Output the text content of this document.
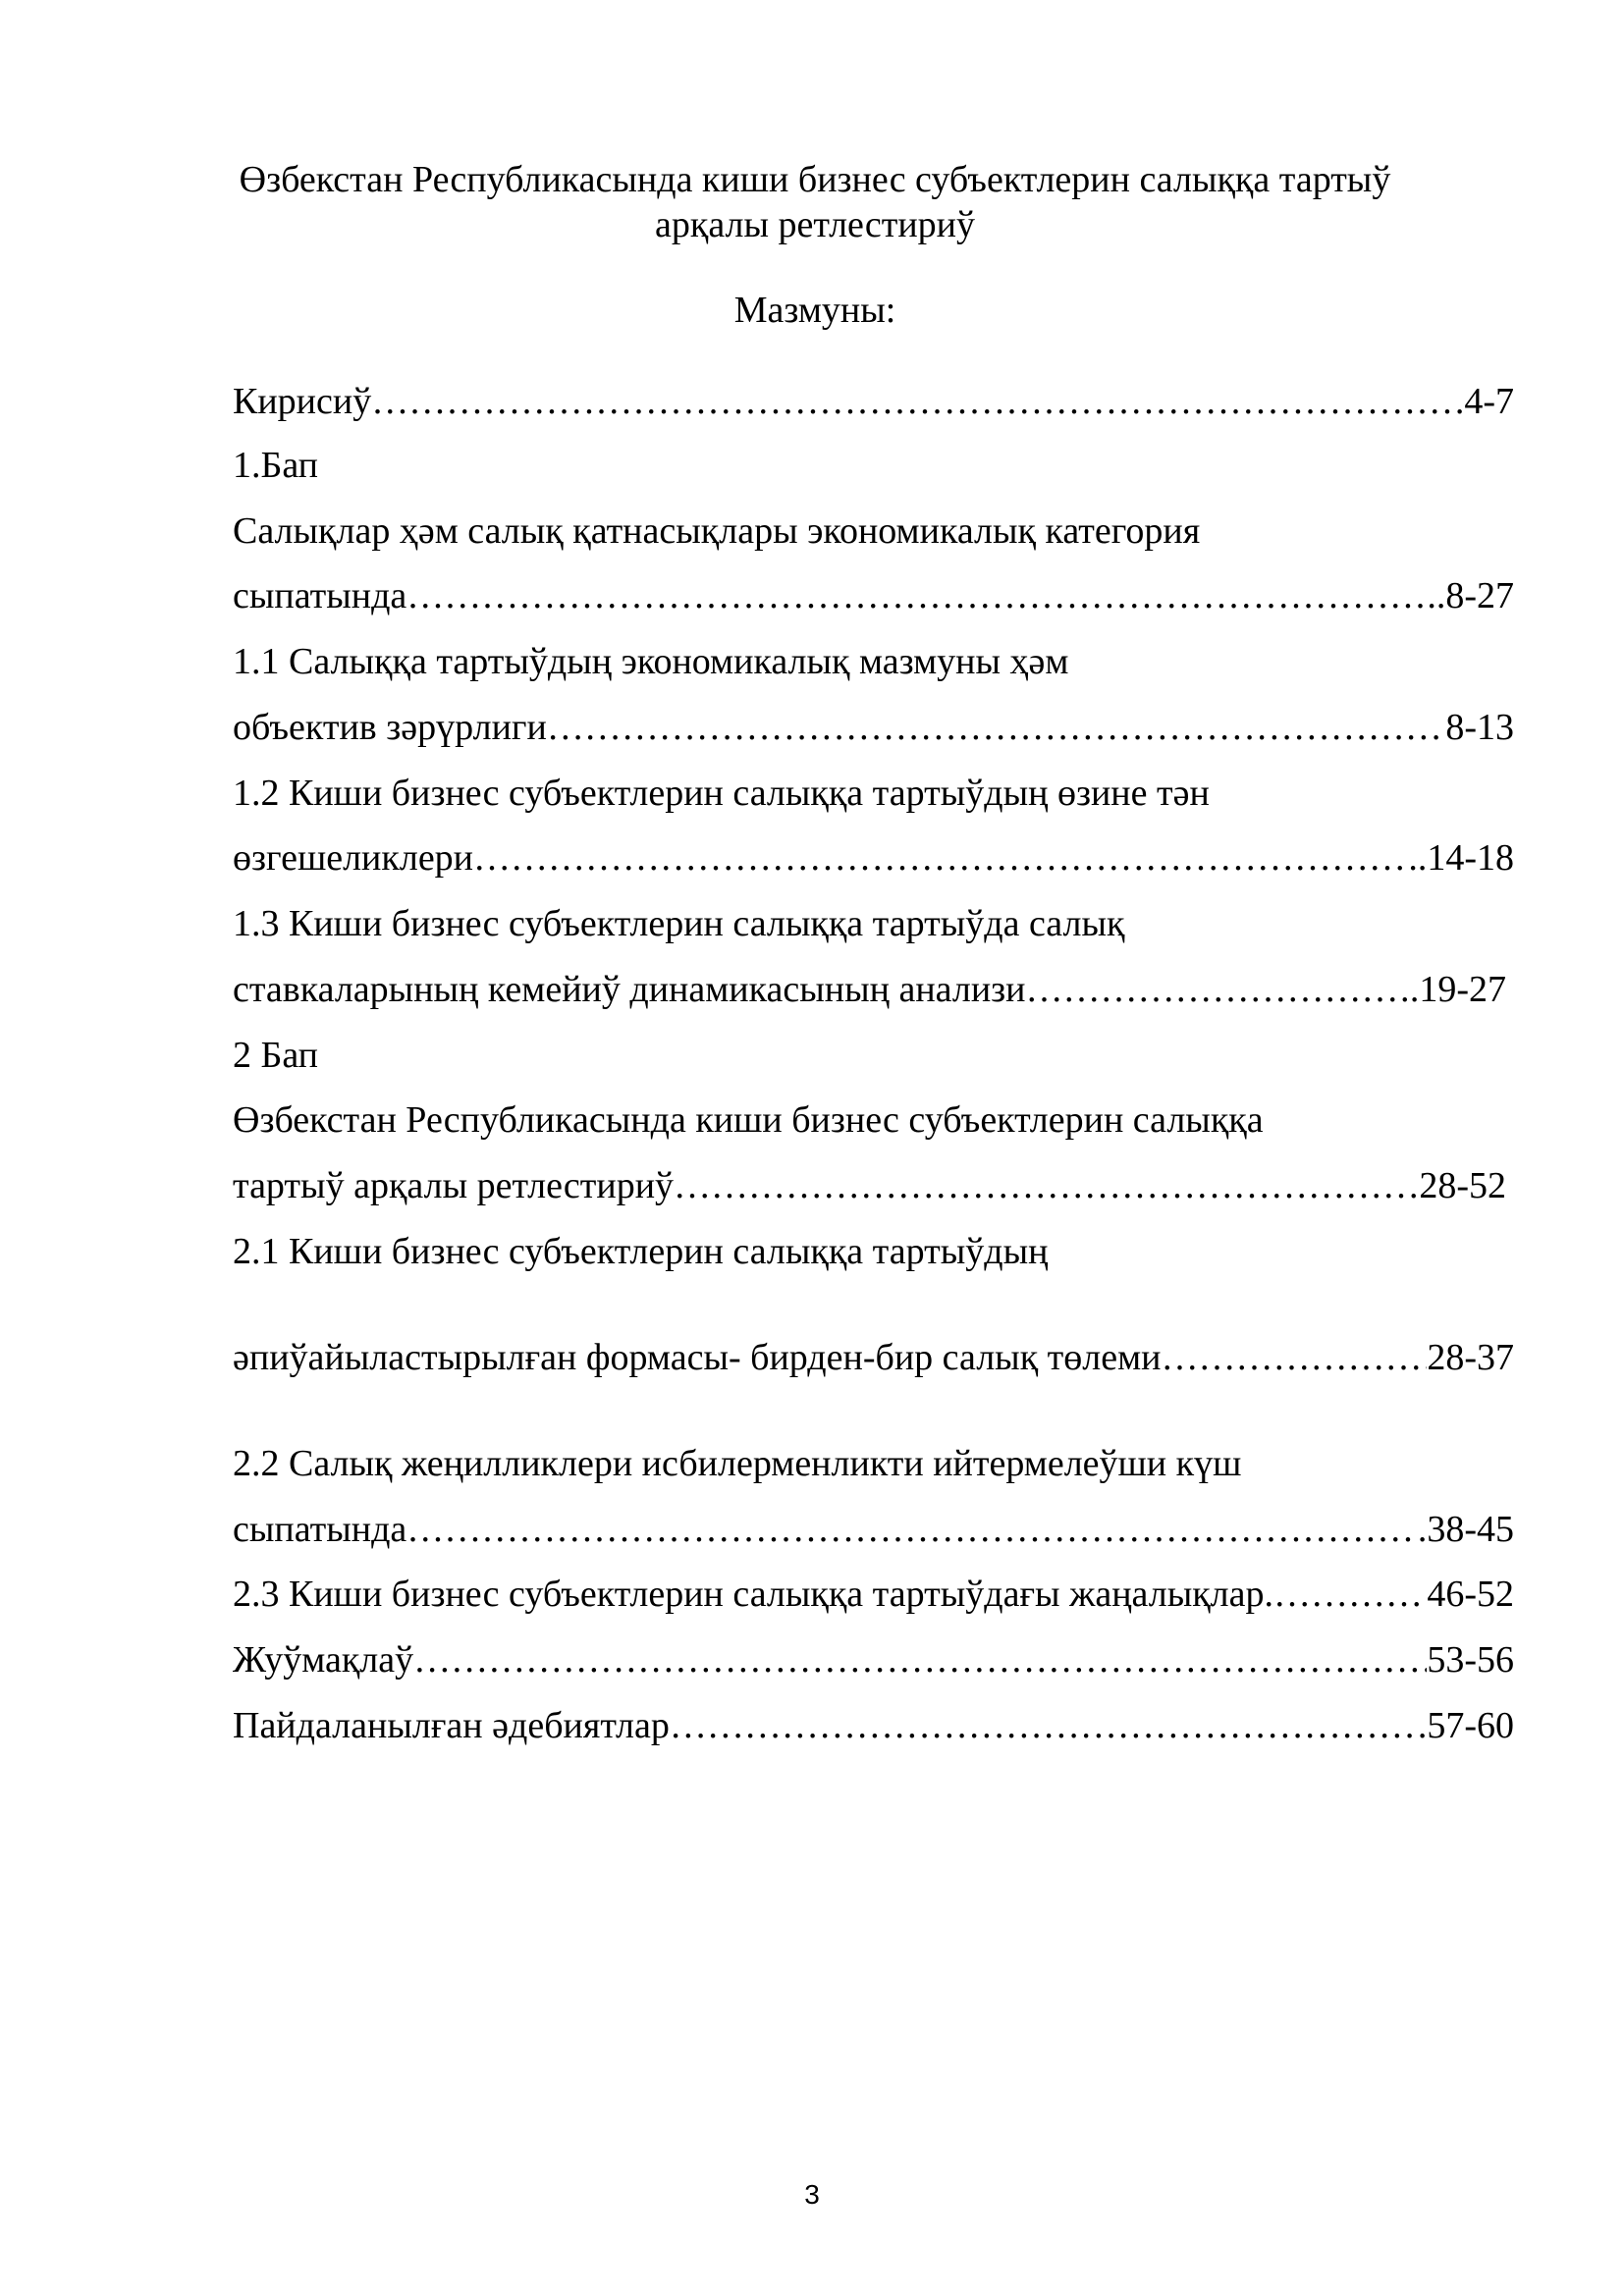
Өзбекстан Республикасында киши бизнес субъектлерин салыққа тартыў
арқалы ретлестириў
Мазмуны:
Кирисиў …………………………………………………………………………………………………………………………………………………………………………………………………………	.4-7
1.Бап
Салықлар ҳәм салық қатнасықлары экономикалық категория
сыпатында …………………………………………………………………………………………………………………………………………………………………………………………………………	..8-27
1.1 Салыққа тартыўдың экономикалық мазмуны ҳәм
объектив зәрүрлиги …………………………………………………………………………………………………………………………………………………………………………………………………………	8-13
1.2 Киши бизнес субъектлерин салыққа тартыўдың өзине тән
өзгешеликлери …………………………………………………………………………………………………………………………………………………………………………………………………………	..14-18
1.3 Киши бизнес субъектлерин салыққа тартыўда салық
ставкаларының кемейиў динамикасының анализи …………………………………………………………………………………………………………………………………………………………………………………………………………	.19-27
2 Бап
Өзбекстан Республикасында киши бизнес субъектлерин салыққа
тартыў арқалы ретлестириў …………………………………………………………………………………………………………………………………………………………………………………………………………	28-52
2.1 Киши бизнес субъектлерин салыққа тартыўдың
әпиўайыластырылған формасы- бирден-бир салық төлеми …………………………………………………………………………………………………………………………………………………………………………………………………………	28-37
2.2 Салық жеңилликлери исбилерменликти ийтермелеўши күш
сыпатында …………………………………………………………………………………………………………………………………………………………………………………………………………	.38-45
2.3 Киши бизнес субъектлерин салыққа тартыўдағы жаңалықлар. …………………………………………………………………………………………………………………………………………………………………………………………………………	46-52
Жуўмақлаў …………………………………………………………………………………………………………………………………………………………………………………………………………	53-56
Пайдаланылған әдебиятлар …………………………………………………………………………………………………………………………………………………………………………………………………………	.57-60
3
